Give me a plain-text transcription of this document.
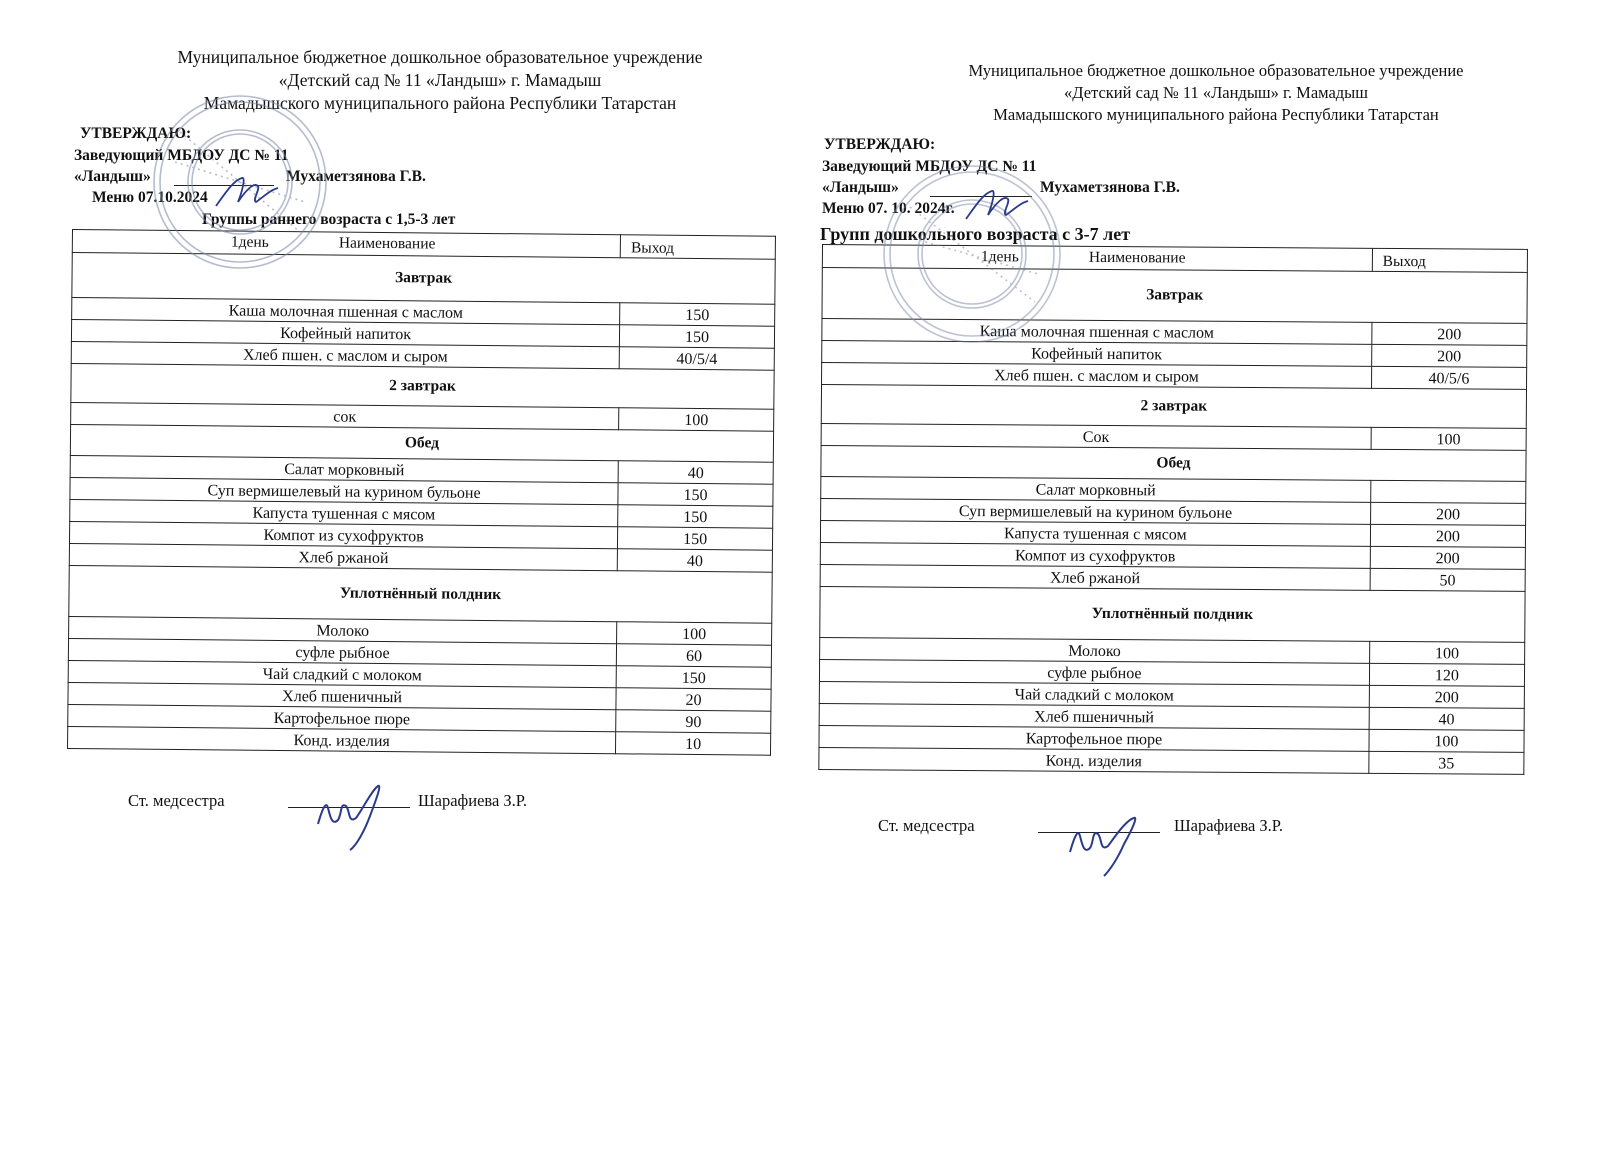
Муниципальное бюджетное дошкольное образовательное учреждение
«Детский сад № 11 «Ландыш» г. Мамадыш
Мамадышского муниципального района Республики Татарстан
УТВЕРЖДАЮ:
Заведующий МБДОУ ДС № 11
«Ландыш»	Мухаметзянова Г.В.
Меню 07.10.2024
Группы раннего возраста с 1,5-3 лет
1день Наименование	Выход
Завтрак	
Каша молочная пшенная с маслом	150
Кофейный напиток	150
Хлеб пшен. с маслом и сыром	40/5/4
2 завтрак	
сок	100
Обед	
Салат морковный	40
Суп вермишелевый на курином бульоне	150
Капуста тушенная с мясом	150
Компот из сухофруктов	150
Хлеб ржаной	40
Уплотнённый полдник	
Молоко	100
суфле рыбное	60
Чай сладкий с молоком	150
Хлеб пшеничный	20
Картофельное пюре	90
Конд. изделия	10
Ст. медсестра	Шарафиева З.Р.
Муниципальное бюджетное дошкольное образовательное учреждение
«Детский сад № 11 «Ландыш» г. Мамадыш
Мамадышского муниципального района Республики Татарстан
УТВЕРЖДАЮ:
Заведующий МБДОУ ДС № 11
«Ландыш»	Мухаметзянова Г.В.
Меню 07. 10. 2024г.
Групп дошкольного возраста с 3-7 лет
1день Наименование	Выход
Завтрак	
Каша молочная пшенная с маслом	200
Кофейный напиток	200
Хлеб пшен. с маслом и сыром	40/5/6
2 завтрак	
Сок	100
Обед	
Салат морковный	
Суп вермишелевый на курином бульоне	200
Капуста тушенная с мясом	200
Компот из сухофруктов	200
Хлеб ржаной	50
Уплотнённый полдник	
Молоко	100
суфле рыбное	120
Чай сладкий с молоком	200
Хлеб пшеничный	40
Картофельное пюре	100
Конд. изделия	35
Ст. медсестра	Шарафиева З.Р.
